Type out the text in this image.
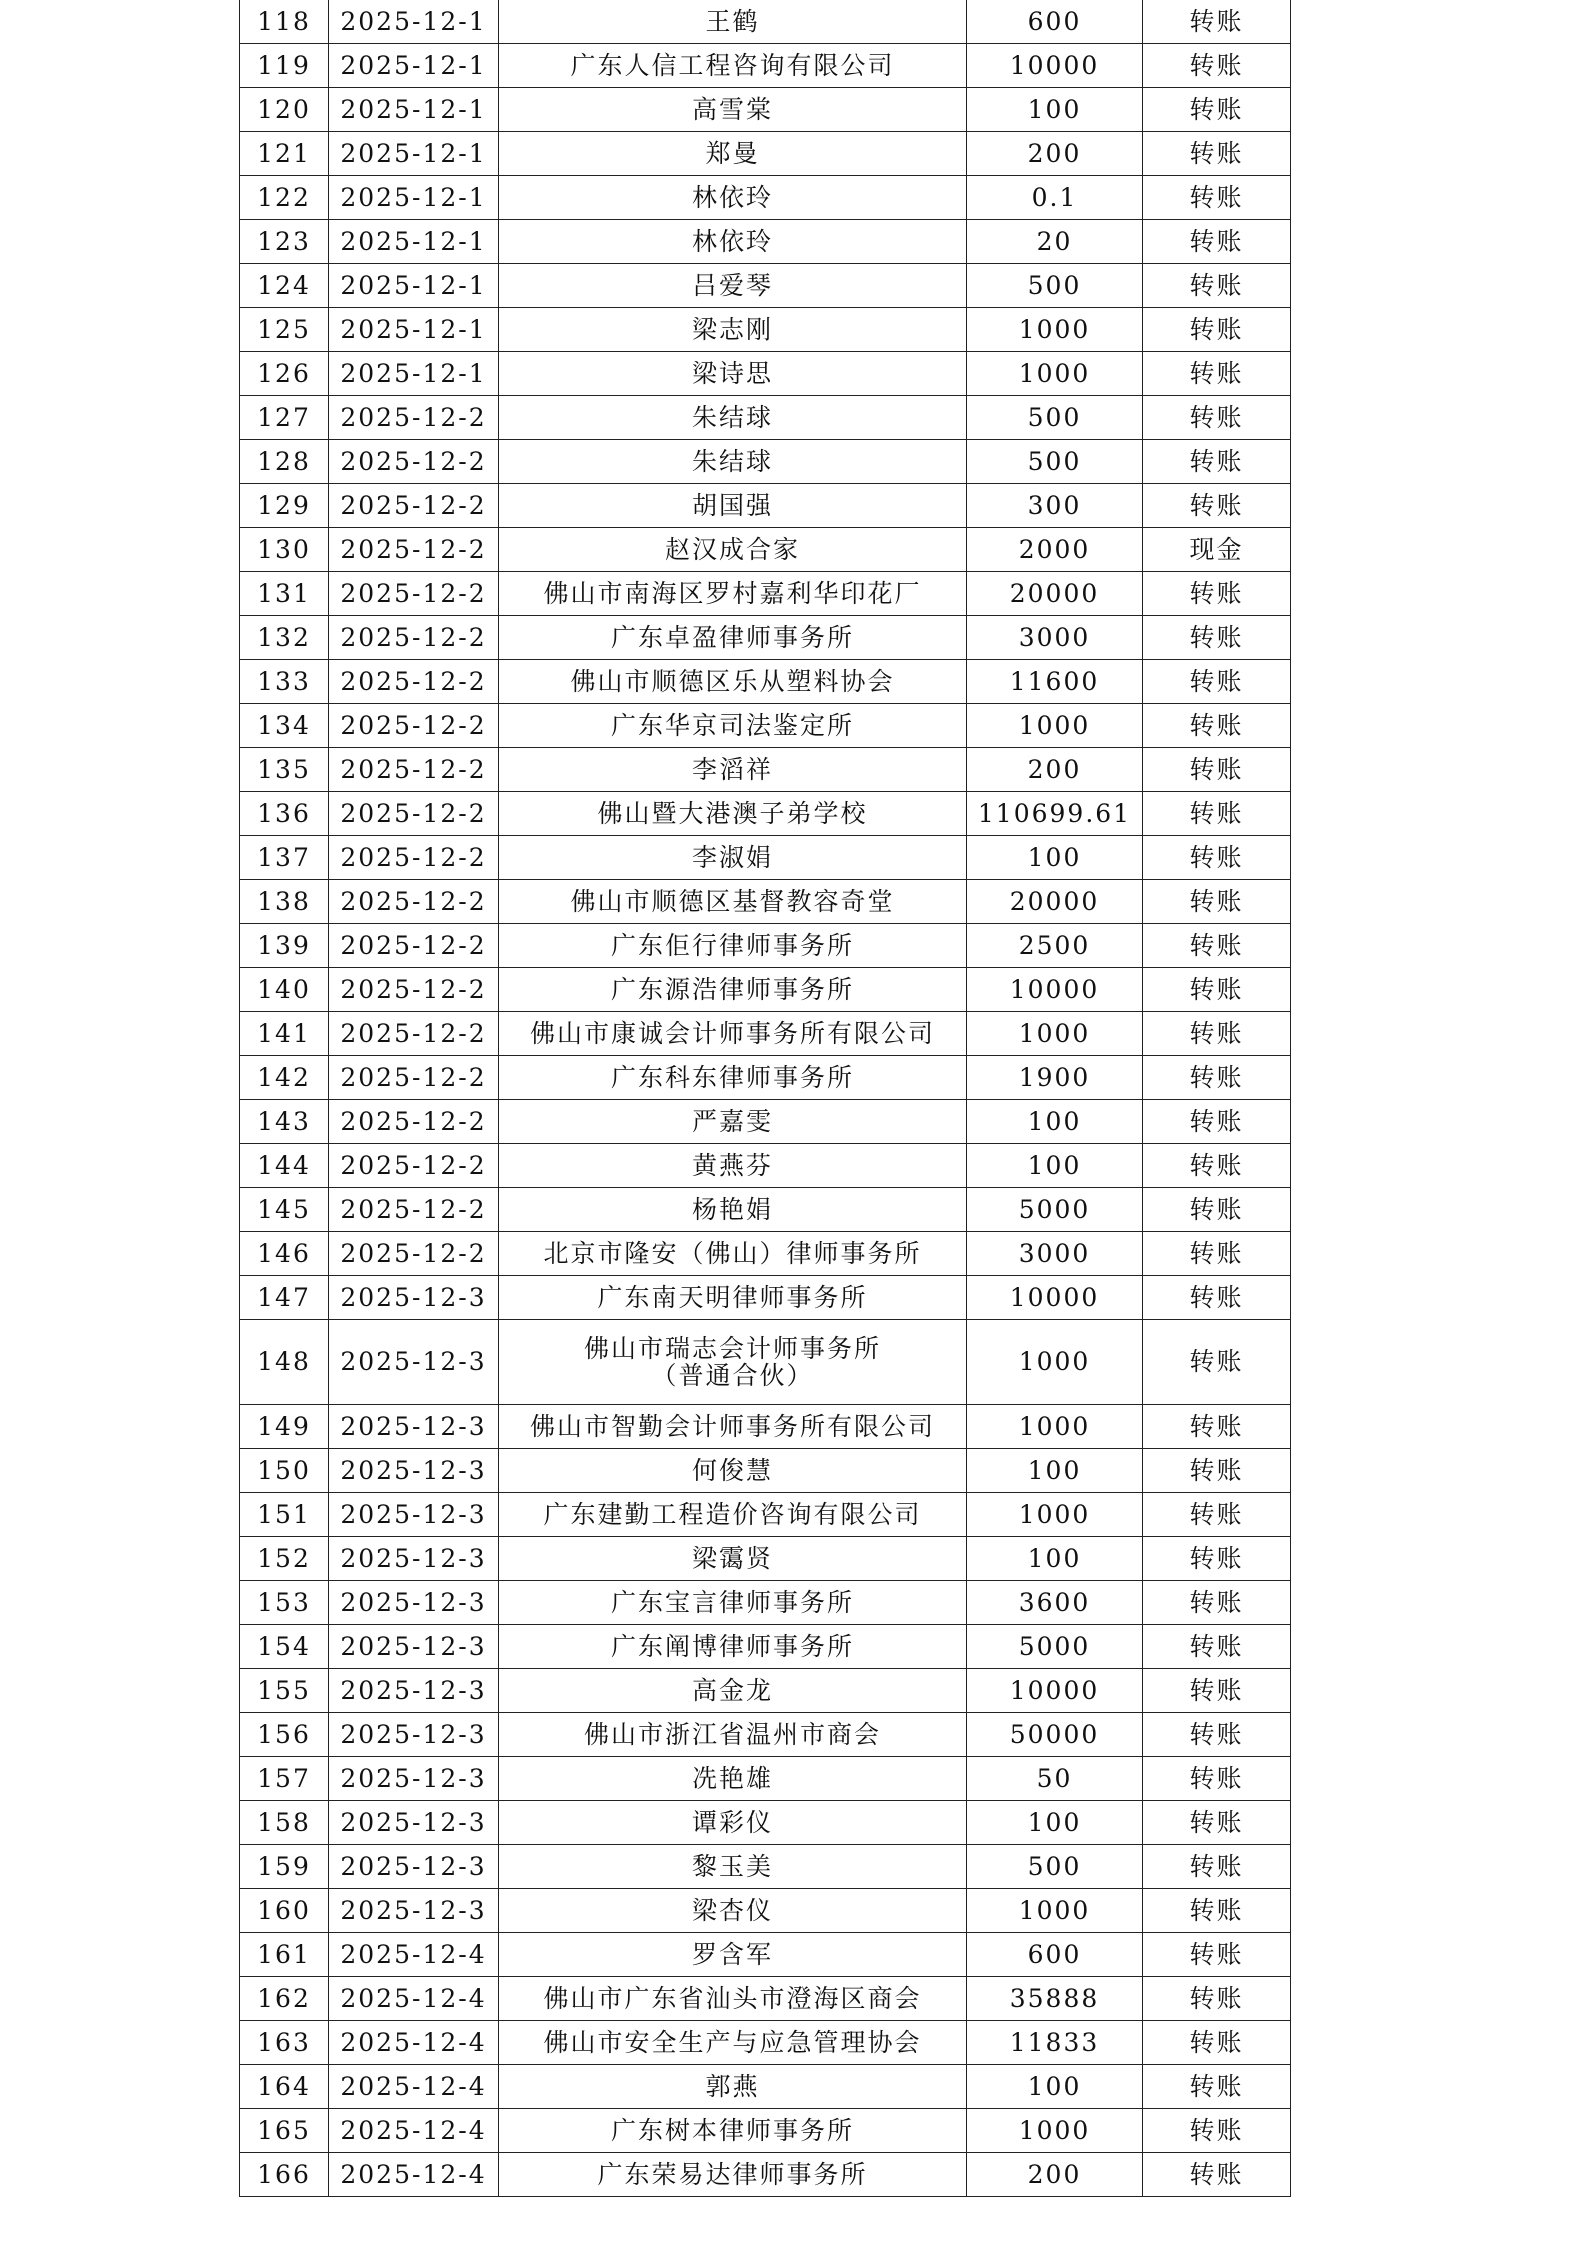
118	2025-12-1	王鹤	600	转账
119	2025-12-1	广东人信工程咨询有限公司	10000	转账
120	2025-12-1	高雪棠	100	转账
121	2025-12-1	郑曼	200	转账
122	2025-12-1	林依玲	0.1	转账
123	2025-12-1	林依玲	20	转账
124	2025-12-1	吕爱琴	500	转账
125	2025-12-1	梁志刚	1000	转账
126	2025-12-1	梁诗思	1000	转账
127	2025-12-2	朱结球	500	转账
128	2025-12-2	朱结球	500	转账
129	2025-12-2	胡国强	300	转账
130	2025-12-2	赵汉成合家	2000	现金
131	2025-12-2	佛山市南海区罗村嘉利华印花厂	20000	转账
132	2025-12-2	广东卓盈律师事务所	3000	转账
133	2025-12-2	佛山市顺德区乐从塑料协会	11600	转账
134	2025-12-2	广东华京司法鉴定所	1000	转账
135	2025-12-2	李滔祥	200	转账
136	2025-12-2	佛山暨大港澳子弟学校	110699.61	转账
137	2025-12-2	李淑娟	100	转账
138	2025-12-2	佛山市顺德区基督教容奇堂	20000	转账
139	2025-12-2	广东佢行律师事务所	2500	转账
140	2025-12-2	广东源浩律师事务所	10000	转账
141	2025-12-2	佛山市康诚会计师事务所有限公司	1000	转账
142	2025-12-2	广东科东律师事务所	1900	转账
143	2025-12-2	严嘉雯	100	转账
144	2025-12-2	黄燕芬	100	转账
145	2025-12-2	杨艳娟	5000	转账
146	2025-12-2	北京市隆安（佛山）律师事务所	3000	转账
147	2025-12-3	广东南天明律师事务所	10000	转账
148	2025-12-3	佛山市瑞志会计师事务所
（普通合伙）	1000	转账
149	2025-12-3	佛山市智勤会计师事务所有限公司	1000	转账
150	2025-12-3	何俊慧	100	转账
151	2025-12-3	广东建勤工程造价咨询有限公司	1000	转账
152	2025-12-3	梁霭贤	100	转账
153	2025-12-3	广东宝言律师事务所	3600	转账
154	2025-12-3	广东阐博律师事务所	5000	转账
155	2025-12-3	高金龙	10000	转账
156	2025-12-3	佛山市浙江省温州市商会	50000	转账
157	2025-12-3	冼艳雄	50	转账
158	2025-12-3	谭彩仪	100	转账
159	2025-12-3	黎玉美	500	转账
160	2025-12-3	梁杏仪	1000	转账
161	2025-12-4	罗含军	600	转账
162	2025-12-4	佛山市广东省汕头市澄海区商会	35888	转账
163	2025-12-4	佛山市安全生产与应急管理协会	11833	转账
164	2025-12-4	郭燕	100	转账
165	2025-12-4	广东树本律师事务所	1000	转账
166	2025-12-4	广东荣易达律师事务所	200	转账
